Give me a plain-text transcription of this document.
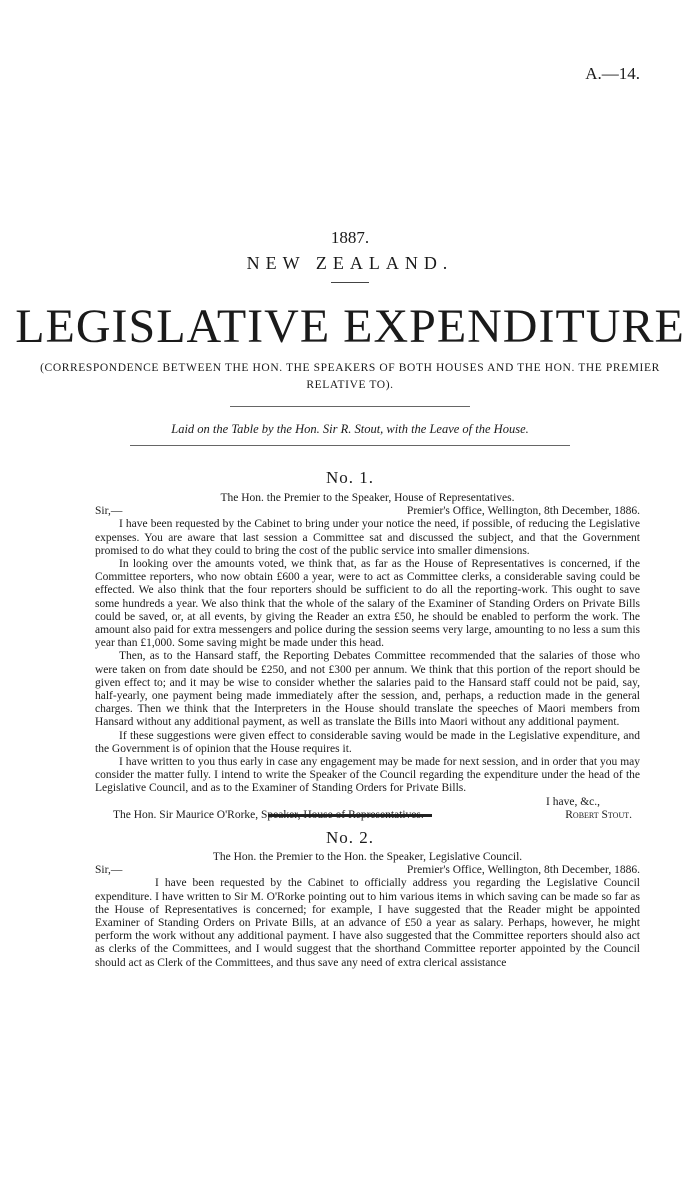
A.—14.
1887.
NEW ZEALAND.
LEGISLATIVE EXPENDITURE
(CORRESPONDENCE BETWEEN THE HON. THE SPEAKERS OF BOTH HOUSES AND THE HON. THE PREMIER RELATIVE TO).
Laid on the Table by the Hon. Sir R. Stout, with the Leave of the House.
No. 1.

The Hon. the Premier to the Speaker, House of Representatives.

Sir,—	Premier's Office, Wellington, 8th December, 1886.

I have been requested by the Cabinet to bring under your notice the need, if possible, of reducing the Legislative expenses. You are aware that last session a Committee sat and discussed the subject, and that the Government promised to do what they could to bring the cost of the public service into smaller dimensions.

In looking over the amounts voted, we think that, as far as the House of Representatives is concerned, if the Committee reporters, who now obtain £600 a year, were to act as Committee clerks, a considerable saving could be effected. We also think that the four reporters should be sufficient to do all the reporting-work. This ought to save some hundreds a year. We also think that the whole of the salary of the Examiner of Standing Orders on Private Bills could be saved, or, at all events, by giving the Reader an extra £50, he should be enabled to perform the work. The amount also paid for extra messengers and police during the session seems very large, amounting to no less a sum this year than £1,000. Some saving might be made under this head.

Then, as to the Hansard staff, the Reporting Debates Committee recommended that the salaries of those who were taken on from date should be £250, and not £300 per annum. We think that this portion of the report should be given effect to; and it may be wise to consider whether the salaries paid to the Hansard staff could not be paid, say, half-yearly, one payment being made immediately after the session, and, perhaps, a reduction made in the general charges. Then we think that the Interpreters in the House should translate the speeches of Maori members from Hansard without any additional payment, as well as translate the Bills into Maori without any additional payment.

If these suggestions were given effect to considerable saving would be made in the Legislative expenditure, and the Government is of opinion that the House requires it.

I have written to you thus early in case any engagement may be made for next session, and in order that you may consider the matter fully. I intend to write the Speaker of the Council regarding the expenditure under the head of the Legislative Council, and as to the Examiner of Standing Orders for Private Bills.

I have, &c.,
The Hon. Sir Maurice O'Rorke, Speaker, House of Representatives.	Robert Stout.
No. 2.

The Hon. the Premier to the Hon. the Speaker, Legislative Council.

Sir,—	Premier's Office, Wellington, 8th December, 1886.

I have been requested by the Cabinet to officially address you regarding the Legislative Council expenditure. I have written to Sir M. O'Rorke pointing out to him various items in which saving can be made so far as the House of Representatives is concerned; for example, I have suggested that the Reader might be appointed Examiner of Standing Orders on Private Bills, at an advance of £50 a year as salary. Perhaps, however, he might perform the work without any additional payment. I have also suggested that the Committee reporters should also act as clerks of the Committees, and I would suggest that the shorthand Committee reporter appointed by the Council should act as Clerk of the Committees, and thus save any need of extra clerical assistance
